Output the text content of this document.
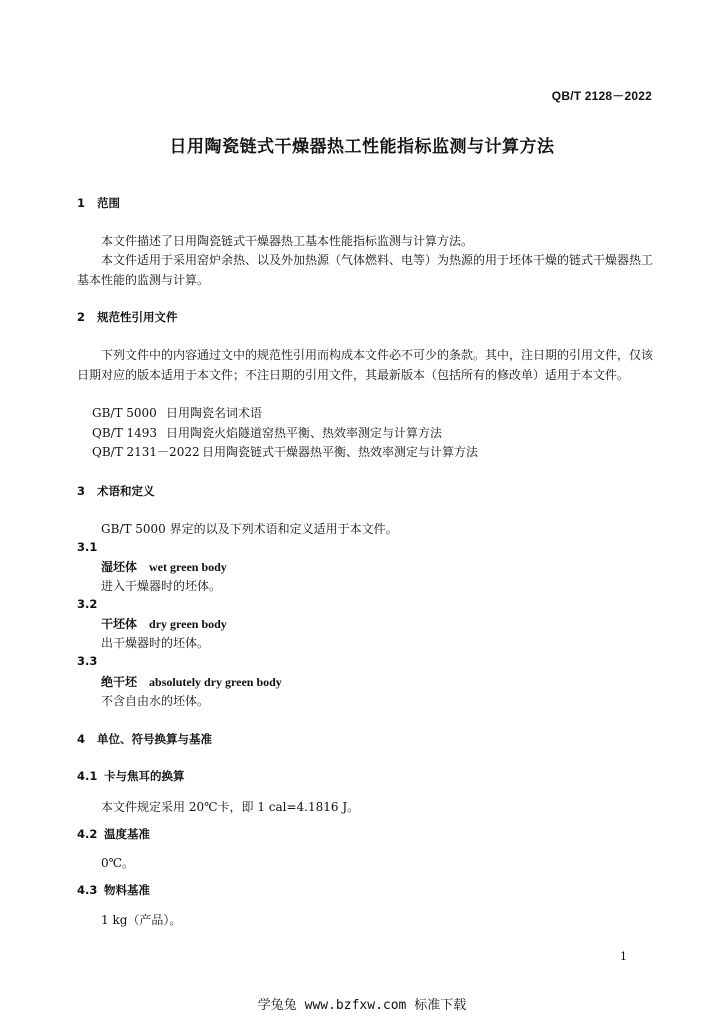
QB/T 2128－2022
日用陶瓷链式干燥器热工性能指标监测与计算方法
1 范围
本文件描述了日用陶瓷链式干燥器热工基本性能指标监测与计算方法。
本文件适用于采用窑炉余热、以及外加热源（气体燃料、电等）为热源的用于坯体干燥的链式干燥器热工基本性能的监测与计算。
2 规范性引用文件
下列文件中的内容通过文中的规范性引用而构成本文件必不可少的条款。其中，注日期的引用文件，仅该日期对应的版本适用于本文件；不注日期的引用文件，其最新版本（包括所有的修改单）适用于本文件。
GB/T 5000 日用陶瓷名词术语
QB/T 1493 日用陶瓷火焰隧道窑热平衡、热效率测定与计算方法
QB/T 2131－2022 日用陶瓷链式干燥器热平衡、热效率测定与计算方法
3 术语和定义
GB/T 5000 界定的以及下列术语和定义适用于本文件。
3.1
湿坯体 wet green body
进入干燥器时的坯体。
3.2
干坯体 dry green body
出干燥器时的坯体。
3.3
绝干坯 absolutely dry green body
不含自由水的坯体。
4 单位、符号换算与基准
4.1 卡与焦耳的换算
本文件规定采用 20℃卡，即 1 cal=4.1816 J。
4.2 温度基准
0℃。
4.3 物料基准
1 kg（产品）。
1
学兔兔 www.bzfxw.com 标准下载
